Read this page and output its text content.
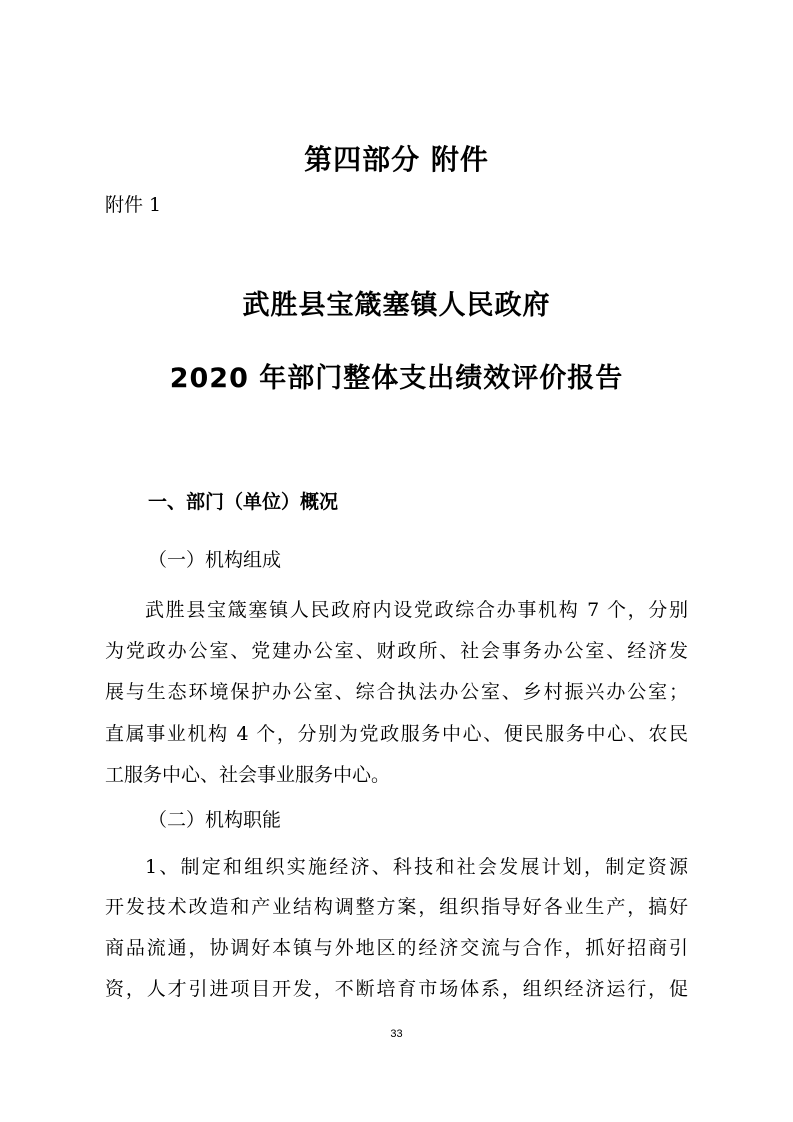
第四部分 附件
附件 1
武胜县宝箴塞镇人民政府
2020 年部门整体支出绩效评价报告
一、部门（单位）概况
（一）机构组成
武胜县宝箴塞镇人民政府内设党政综合办事机构 7 个，分别
为党政办公室、党建办公室、财政所、社会事务办公室、经济发
展与生态环境保护办公室、综合执法办公室、乡村振兴办公室；
直属事业机构 4 个，分别为党政服务中心、便民服务中心、农民
工服务中心、社会事业服务中心。
（二）机构职能
1、制定和组织实施经济、科技和社会发展计划，制定资源
开发技术改造和产业结构调整方案，组织指导好各业生产，搞好
商品流通，协调好本镇与外地区的经济交流与合作，抓好招商引
资，人才引进项目开发，不断培育市场体系，组织经济运行，促
33
